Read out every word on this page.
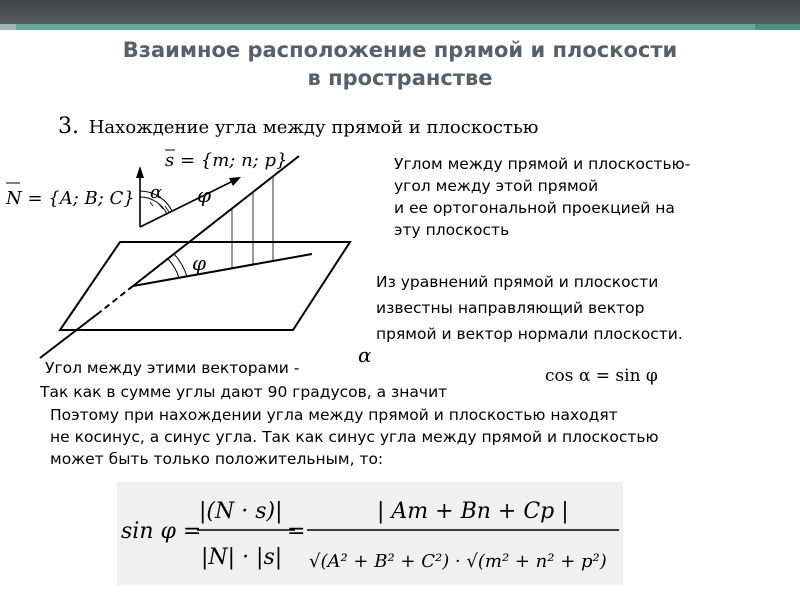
Взаимное расположение прямой и плоскости
в пространстве
3. Нахождение угла между прямой и плоскостью
φ
α φ
s = {m; n; p}
N = {A; B; C}
Углом между прямой и плоскостью-
угол между этой прямой
и ее ортогональной проекцией на
эту плоскость
Из уравнений прямой и плоскости
известны направляющий вектор
прямой и вектор нормали плоскости.
Угол между этими векторами -
α
Так как в сумме углы дают 90 градусов, а значит
cos α = sin φ
Поэтому при нахождении угла между прямой и плоскостью находят
не косинус, а синус угла. Так как синус угла между прямой и плоскостью
может быть только положительным, то:
sin φ =
|(N · s)|
|N| · |s|
=
| Am + Bn + Cp |
√(A² + B² + C²) · √(m² + n² + p²)
